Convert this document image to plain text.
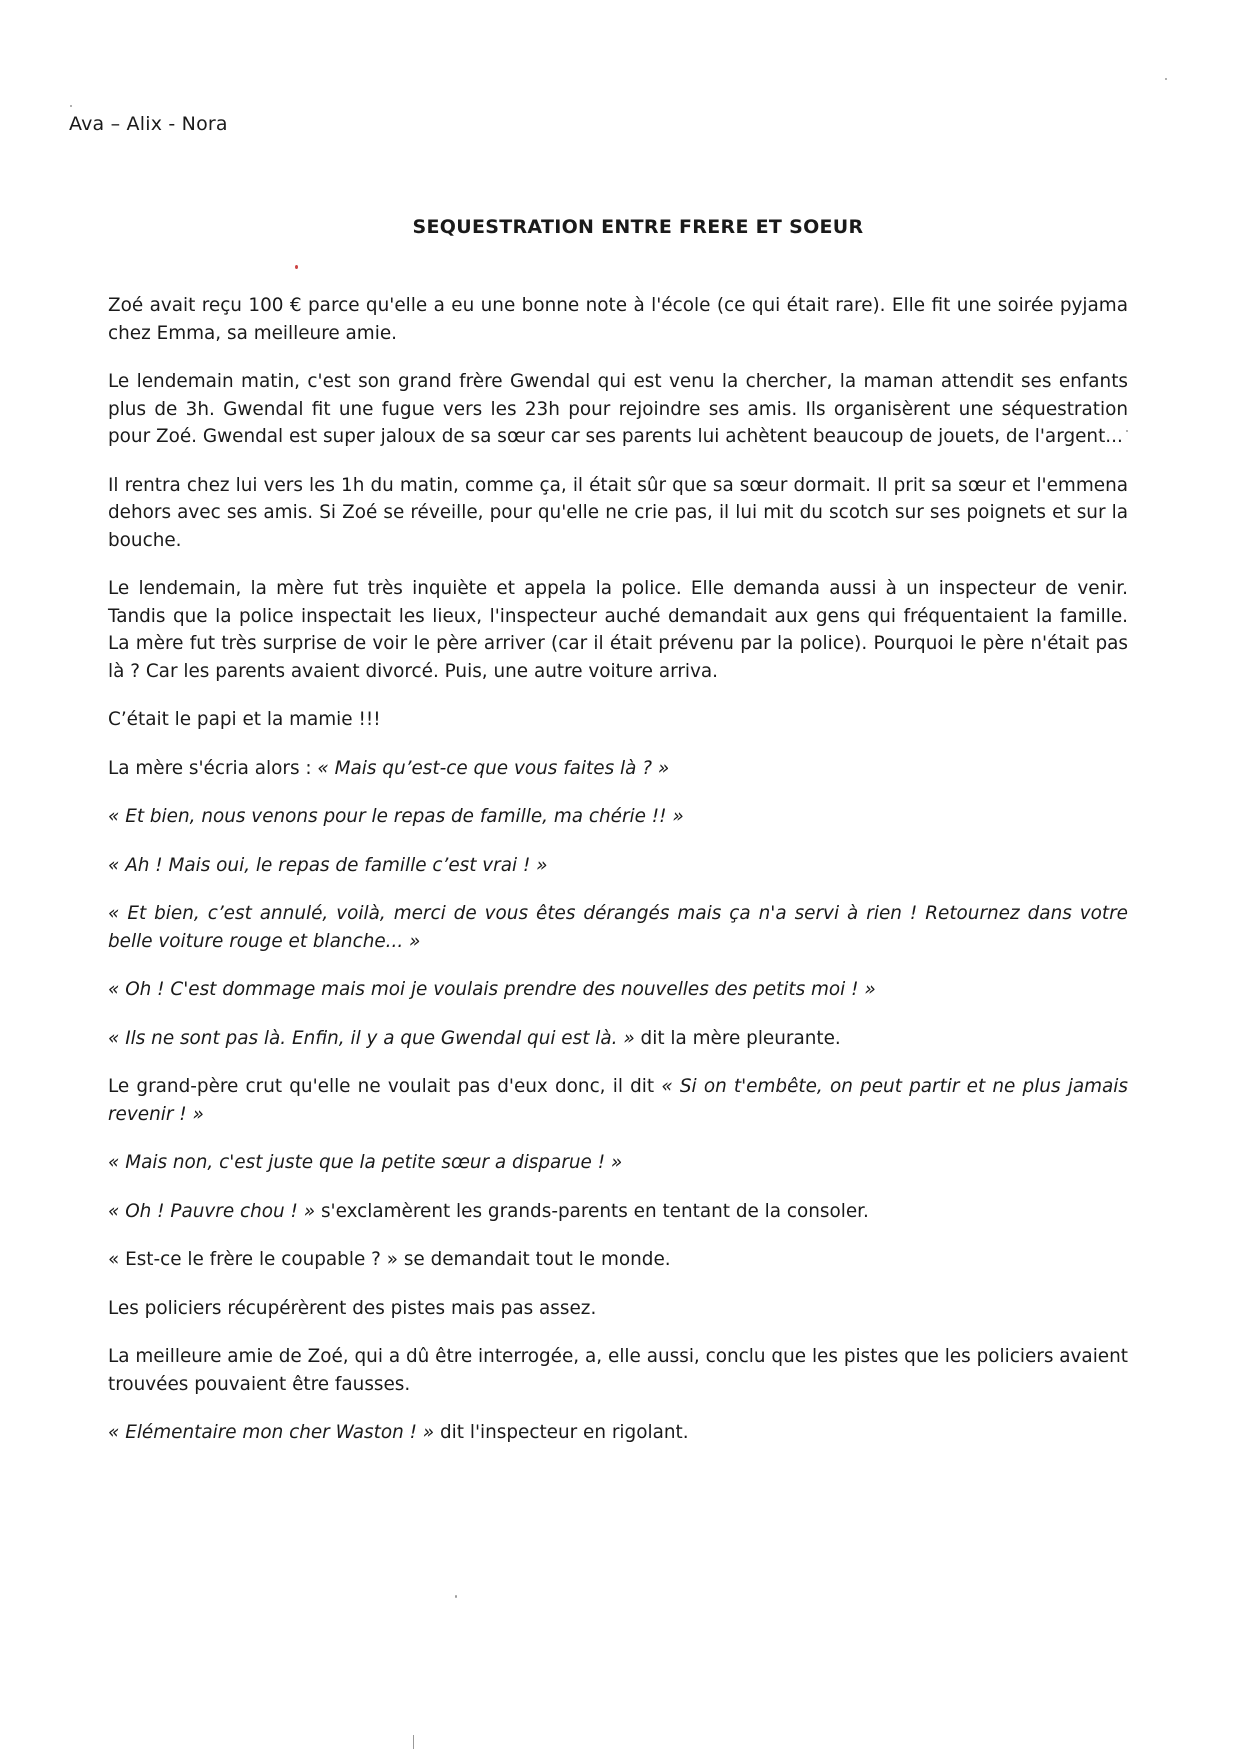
Ava – Alix - Nora
SEQUESTRATION ENTRE FRERE ET SOEUR

Zoé avait reçu 100 € parce qu'elle a eu une bonne note à l'école (ce qui était rare). Elle fit une soirée pyjama chez Emma, sa meilleure amie.

Le lendemain matin, c'est son grand frère Gwendal qui est venu la chercher, la maman attendit ses enfants plus de 3h. Gwendal fit une fugue vers les 23h pour rejoindre ses amis. Ils organisèrent une séquestration pour Zoé. Gwendal est super jaloux de sa sœur car ses parents lui achètent beaucoup de jouets, de l'argent...

Il rentra chez lui vers les 1h du matin, comme ça, il était sûr que sa sœur dormait. Il prit sa sœur et l'emmena dehors avec ses amis. Si Zoé se réveille, pour qu'elle ne crie pas, il lui mit du scotch sur ses poignets et sur la bouche.

Le lendemain, la mère fut très inquiète et appela la police. Elle demanda aussi à un inspecteur de venir. Tandis que la police inspectait les lieux, l'inspecteur auché demandait aux gens qui fréquentaient la famille. La mère fut très surprise de voir le père arriver (car il était prévenu par la police). Pourquoi le père n'était pas là ? Car les parents avaient divorcé. Puis, une autre voiture arriva.

C’était le papi et la mamie !!!

La mère s'écria alors : « Mais qu’est-ce que vous faites là ? »

« Et bien, nous venons pour le repas de famille, ma chérie !! »

« Ah ! Mais oui, le repas de famille c’est vrai ! »

« Et bien, c’est annulé, voilà, merci de vous êtes dérangés mais ça n'a servi à rien ! Retournez dans votre belle voiture rouge et blanche... »

« Oh ! C'est dommage mais moi je voulais prendre des nouvelles des petits moi ! »

« Ils ne sont pas là. Enfin, il y a que Gwendal qui est là. » dit la mère pleurante.

Le grand-père crut qu'elle ne voulait pas d'eux donc, il dit « Si on t'embête, on peut partir et ne plus jamais revenir ! »

« Mais non, c'est juste que la petite sœur a disparue ! »

« Oh ! Pauvre chou ! » s'exclamèrent les grands-parents en tentant de la consoler.

« Est-ce le frère le coupable ? » se demandait tout le monde.

Les policiers récupérèrent des pistes mais pas assez.

La meilleure amie de Zoé, qui a dû être interrogée, a, elle aussi, conclu que les pistes que les policiers avaient trouvées pouvaient être fausses.

« Elémentaire mon cher Waston ! » dit l'inspecteur en rigolant.
